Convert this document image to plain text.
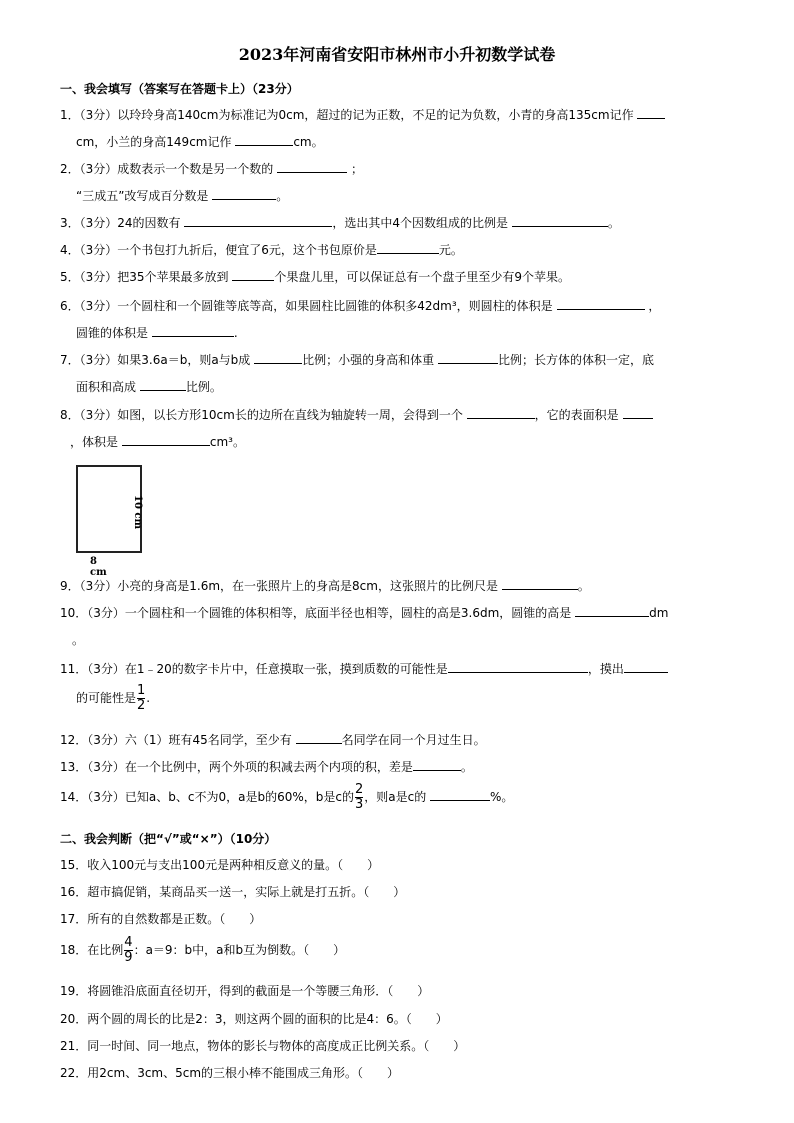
2023年河南省安阳市林州市小升初数学试卷
一、我会填写（答案写在答题卡上）（23分）
1．（3分）以玲玲身高140cm为标准记为0cm，超过的记为正数，不足的记为负数，小青的身高135cm记作
cm，小兰的身高149cm记作	cm。
2．（3分）成数表示一个数是另一个数的	；
“三成五”改写成百分数是	。
3．（3分）24的因数有	，选出其中4个因数组成的比例是	。
4．（3分）一个书包打九折后，便宜了6元，这个书包原价是	元。
5．（3分）把35个苹果最多放到	个果盘儿里，可以保证总有一个盘子里至少有9个苹果。
6．（3分）一个圆柱和一个圆锥等底等高，如果圆柱比圆锥的体积多42dm³，则圆柱的体积是	，
圆锥的体积是	.
7．（3分）如果3.6a＝b，则a与b成	比例；小强的身高和体重	比例；长方体的体积一定，底
面积和高成	比例。
8．（3分）如图，以长方形10cm长的边所在直线为轴旋转一周，会得到一个	，它的表面积是
，体积是	cm³。
10 cm
8 cm
9．（3分）小亮的身高是1.6m，在一张照片上的身高是8cm，这张照片的比例尺是	。
10．（3分）一个圆柱和一个圆锥的体积相等，底面半径也相等，圆柱的高是3.6dm，圆锥的高是	dm
。
11．（3分）在1﹣20的数字卡片中，任意摸取一张，摸到质数的可能性是	，摸出
的可能性是 $\frac{1}{2}$ .
12．（3分）六（1）班有45名同学，至少有	名同学在同一个月过生日。
13．（3分）在一个比例中，两个外项的积减去两个内项的积，差是	。
14．（3分）已知a、b、c不为0，a是b的60%，b是c的 $\frac{2}{3}$ ，则a是c的	%。
二、我会判断（把“√”或“×”）（10分）
15．收入100元与支出100元是两种相反意义的量。（　　）
16．超市搞促销，某商品买一送一，实际上就是打五折。（　　）
17．所有的自然数都是正数。（　　）
18．在比例 $\frac{4}{9}$ ：a＝9：b中，a和b互为倒数。（　　）
19．将圆锥沿底面直径切开，得到的截面是一个等腰三角形．（　　）
20．两个圆的周长的比是2：3，则这两个圆的面积的比是4：6。（　　）
21．同一时间、同一地点，物体的影长与物体的高度成正比例关系。（　　）
22．用2cm、3cm、5cm的三根小棒不能围成三角形。（　　）
